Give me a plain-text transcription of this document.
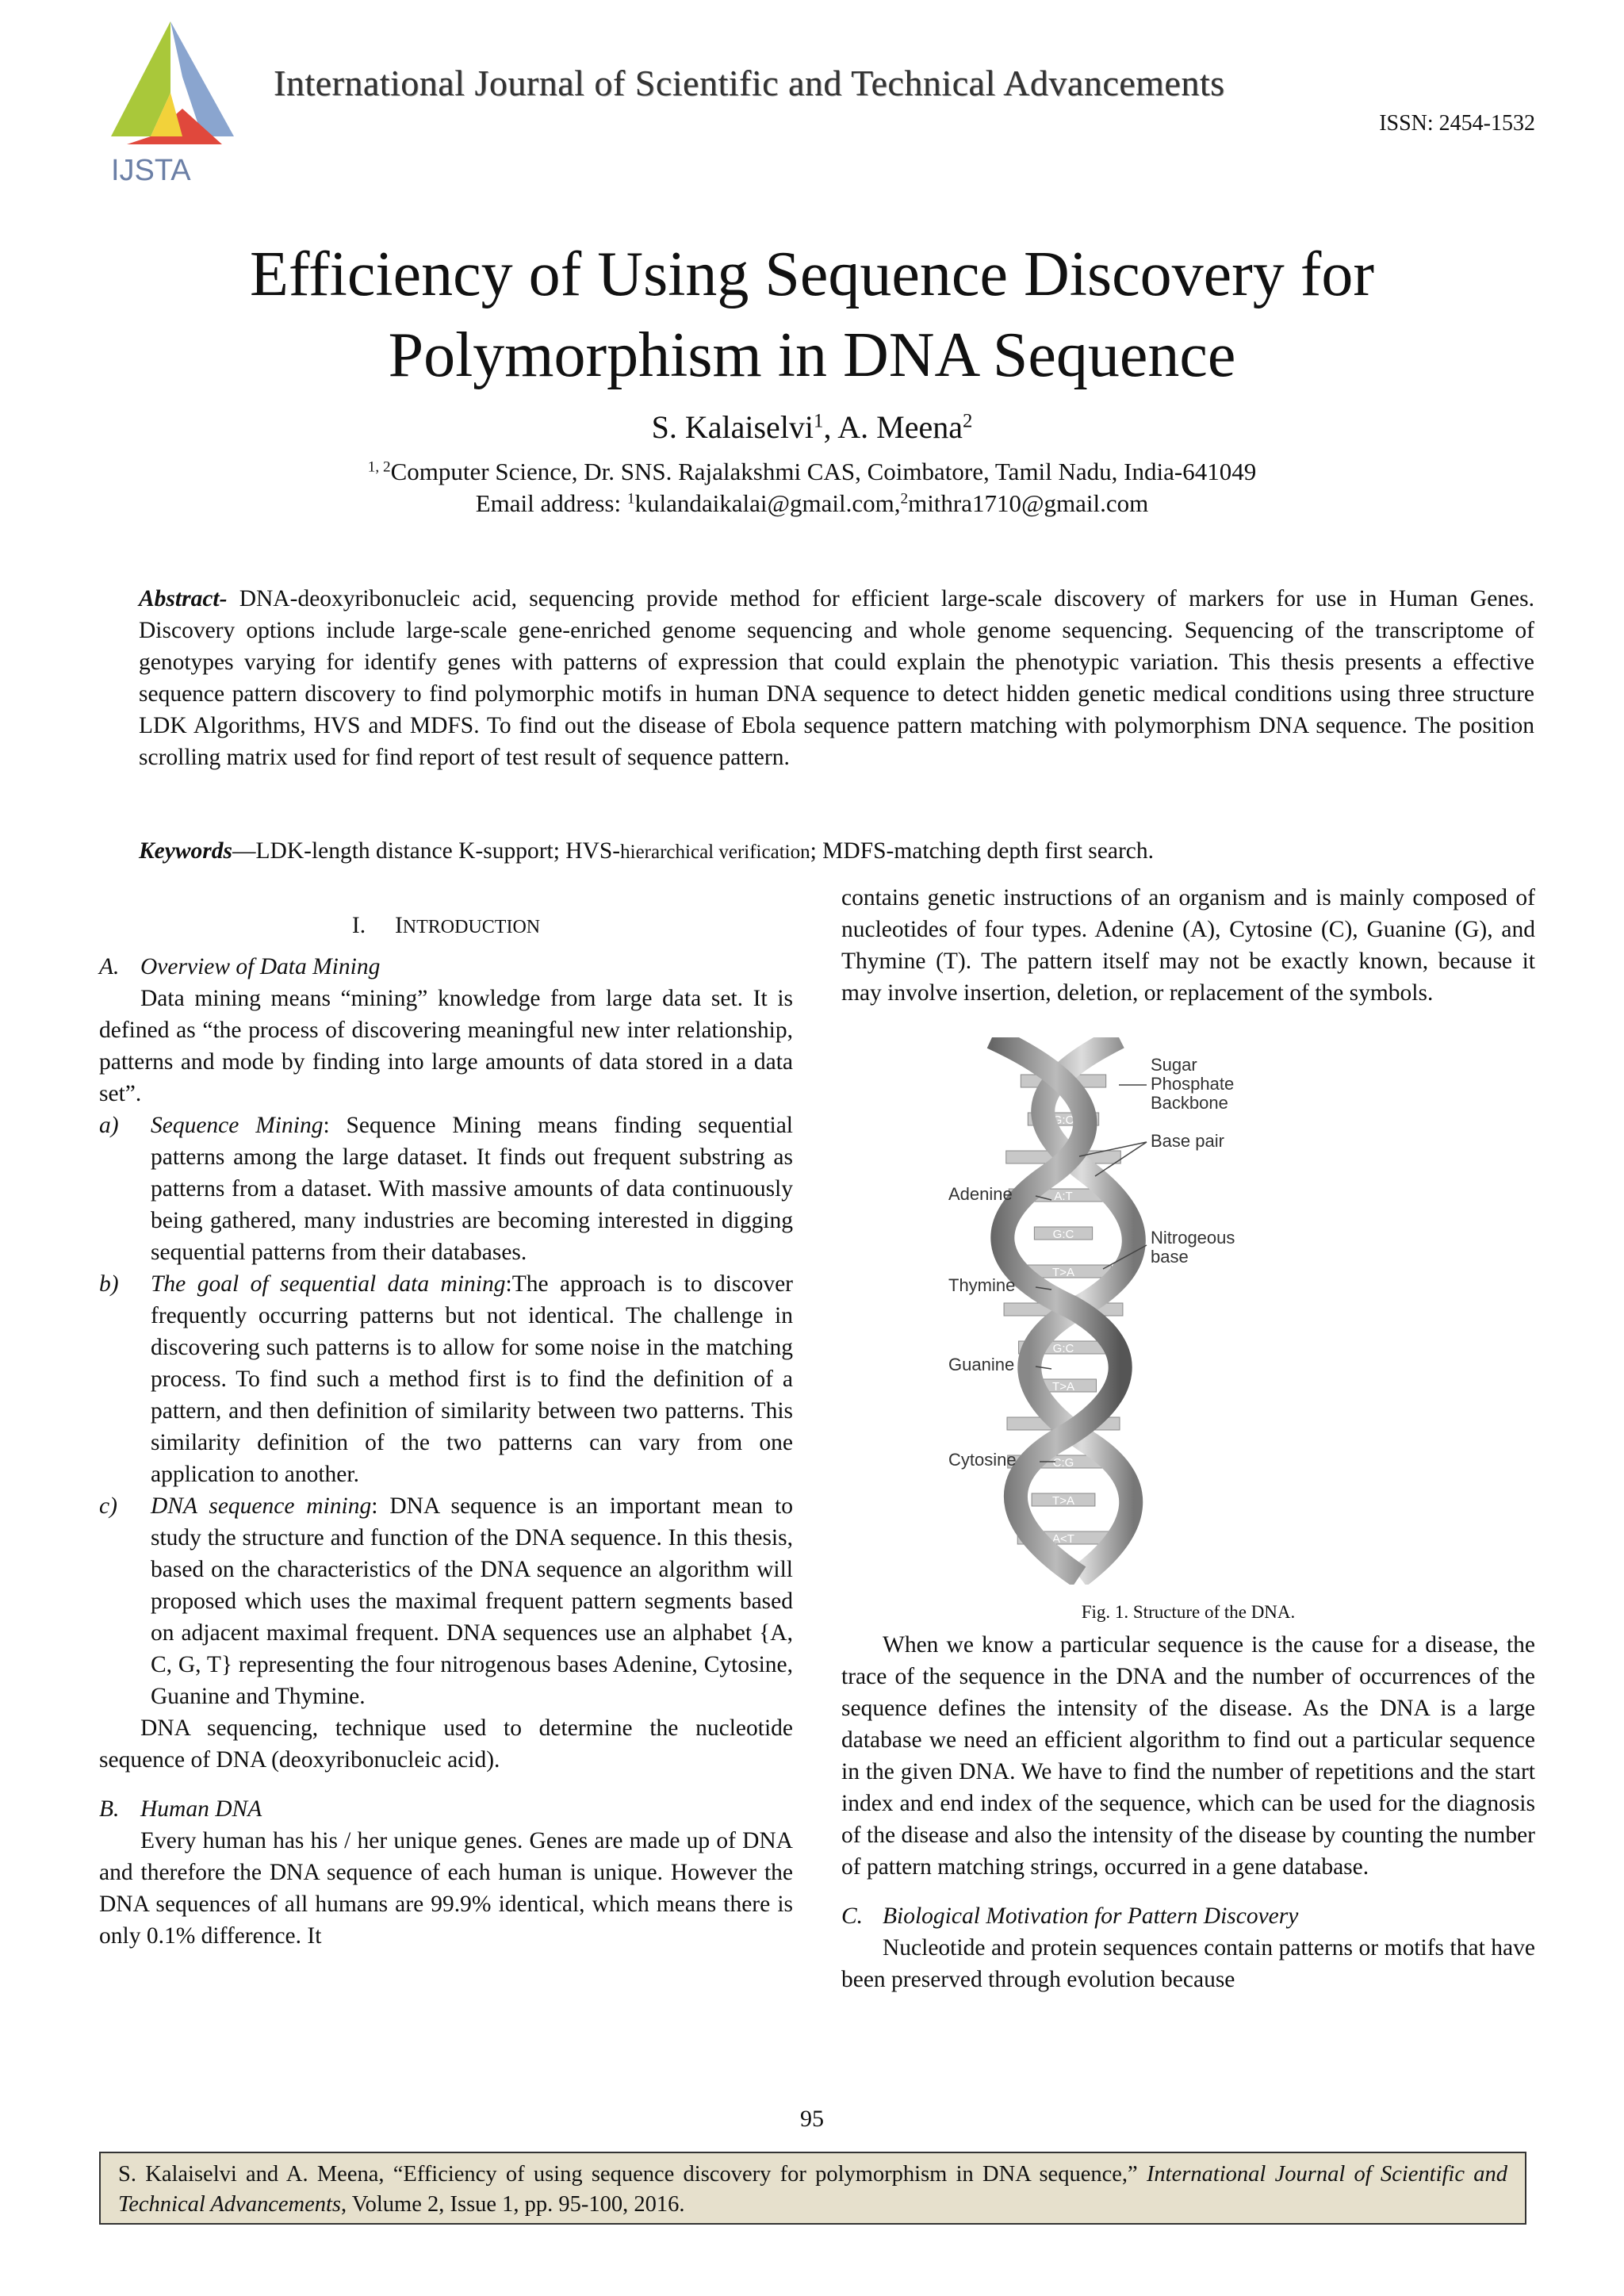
IJSTA
International Journal of Scientific and Technical Advancements
ISSN: 2454-1532
Efficiency of Using Sequence Discovery for
Polymorphism in DNA Sequence
S. Kalaiselvi$^1$, A. Meena$^2$
$^{1, 2}$Computer Science, Dr. SNS. Rajalakshmi CAS, Coimbatore, Tamil Nadu, India-641049
Email address: $^1$kulandaikalai@gmail.com,$^2$mithra1710@gmail.com
Abstract- DNA-deoxyribonucleic acid, sequencing provide method for efficient large-scale discovery of markers for use in Human Genes. Discovery options include large-scale gene-enriched genome sequencing and whole genome sequencing. Sequencing of the transcriptome of genotypes varying for identify genes with patterns of expression that could explain the phenotypic variation. This thesis presents a effective sequence pattern discovery to find polymorphic motifs in human DNA sequence to detect hidden genetic medical conditions using three structure LDK Algorithms, HVS and MDFS. To find out the disease of Ebola sequence pattern matching with polymorphism DNA sequence. The position scrolling matrix used for find report of test result of sequence pattern.
Keywords—LDK-length distance K-support; HVS-hierarchical verification; MDFS-matching depth first search.
I. INTRODUCTION

A. Overview of Data Mining

Data mining means “mining” knowledge from large data set. It is defined as “the process of discovering meaningful new inter relationship, patterns and mode by finding into large amounts of data stored in a data set”.

a) Sequence Mining: Sequence Mining means finding sequential patterns among the large dataset. It finds out frequent substring as patterns from a dataset. With massive amounts of data continuously being gathered, many industries are becoming interested in digging sequential patterns from their databases.
b) The goal of sequential data mining:The approach is to discover frequently occurring patterns but not identical. The challenge in discovering such patterns is to allow for some noise in the matching process. To find such a method first is to find the definition of a pattern, and then definition of similarity between two patterns. This similarity definition of the two patterns can vary from one application to another.
c) DNA sequence mining: DNA sequence is an important mean to study the structure and function of the DNA sequence. In this thesis, based on the characteristics of the DNA sequence an algorithm will proposed which uses the maximal frequent pattern segments based on adjacent maximal frequent. DNA sequences use an alphabet {A, C, G, T} representing the four nitrogenous bases Adenine, Cytosine, Guanine and Thymine.

DNA sequencing, technique used to determine the nucleotide sequence of DNA (deoxyribonucleic acid).

B. Human DNA

Every human has his / her unique genes. Genes are made up of DNA and therefore the DNA sequence of each human is unique. However the DNA sequences of all humans are 99.9% identical, which means there is only 0.1% difference. It

contains genetic instructions of an organism and is mainly composed of nucleotides of four types. Adenine (A), Cytosine (C), Guanine (G), and Thymine (T). The pattern itself may not be exactly known, because it may involve insertion, deletion, or replacement of the symbols.

G:C
G:C
T<A
A:T
G:C
T>A
A<T
G:C
T>A
A<T
C:G
T>A
A<T
Sugar
Phosphate
Backbone
Base pair
Nitrogeous
base
Adenine
Thymine
Guanine
Cytosine
Fig. 1. Structure of the DNA.

When we know a particular sequence is the cause for a disease, the trace of the sequence in the DNA and the number of occurrences of the sequence defines the intensity of the disease. As the DNA is a large database we need an efficient algorithm to find out a particular sequence in the given DNA. We have to find the number of repetitions and the start index and end index of the sequence, which can be used for the diagnosis of the disease and also the intensity of the disease by counting the number of pattern matching strings, occurred in a gene database.

C. Biological Motivation for Pattern Discovery

Nucleotide and protein sequences contain patterns or motifs that have been preserved through evolution because

95
S. Kalaiselvi and A. Meena, “Efficiency of using sequence discovery for polymorphism in DNA sequence,” International Journal of Scientific and Technical Advancements, Volume 2, Issue 1, pp. 95-100, 2016.
